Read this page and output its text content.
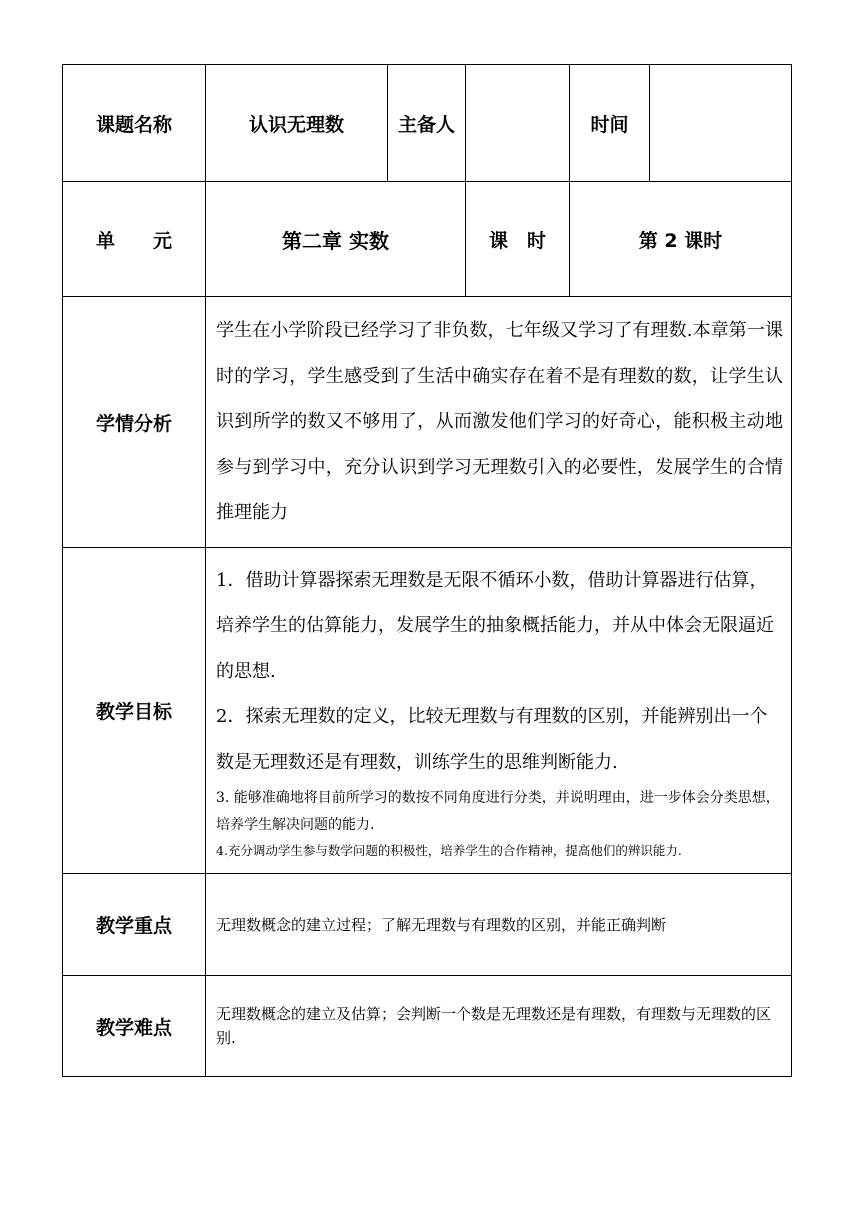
课题名称	认识无理数	主备人		时间	
单　　元	第二章 实数		课　时	第 2 课时	
学情分析	学生在小学阶段已经学习了非负数，七年级又学习了有理数.本章第一课时的学习，学生感受到了生活中确实存在着不是有理数的数，让学生认识到所学的数又不够用了，从而激发他们学习的好奇心，能积极主动地参与到学习中，充分认识到学习无理数引入的必要性，发展学生的合情推理能力				
教学目标	1．借助计算器探索无理数是无限不循环小数，借助计算器进行估算，培养学生的估算能力，发展学生的抽象概括能力，并从中体会无限逼近的思想.
2．探索无理数的定义，比较无理数与有理数的区别，并能辨别出一个数是无理数还是有理数，训练学生的思维判断能力.
3. 能够准确地将目前所学习的数按不同角度进行分类，并说明理由，进一步体会分类思想，培养学生解决问题的能力.
4.充分调动学生参与数学问题的积极性，培养学生的合作精神，提高他们的辨识能力.				

教学重点	无理数概念的建立过程；了解无理数与有理数的区别，并能正确判断				
教学难点	无理数概念的建立及估算；会判断一个数是无理数还是有理数，有理数与无理数的区别.				
